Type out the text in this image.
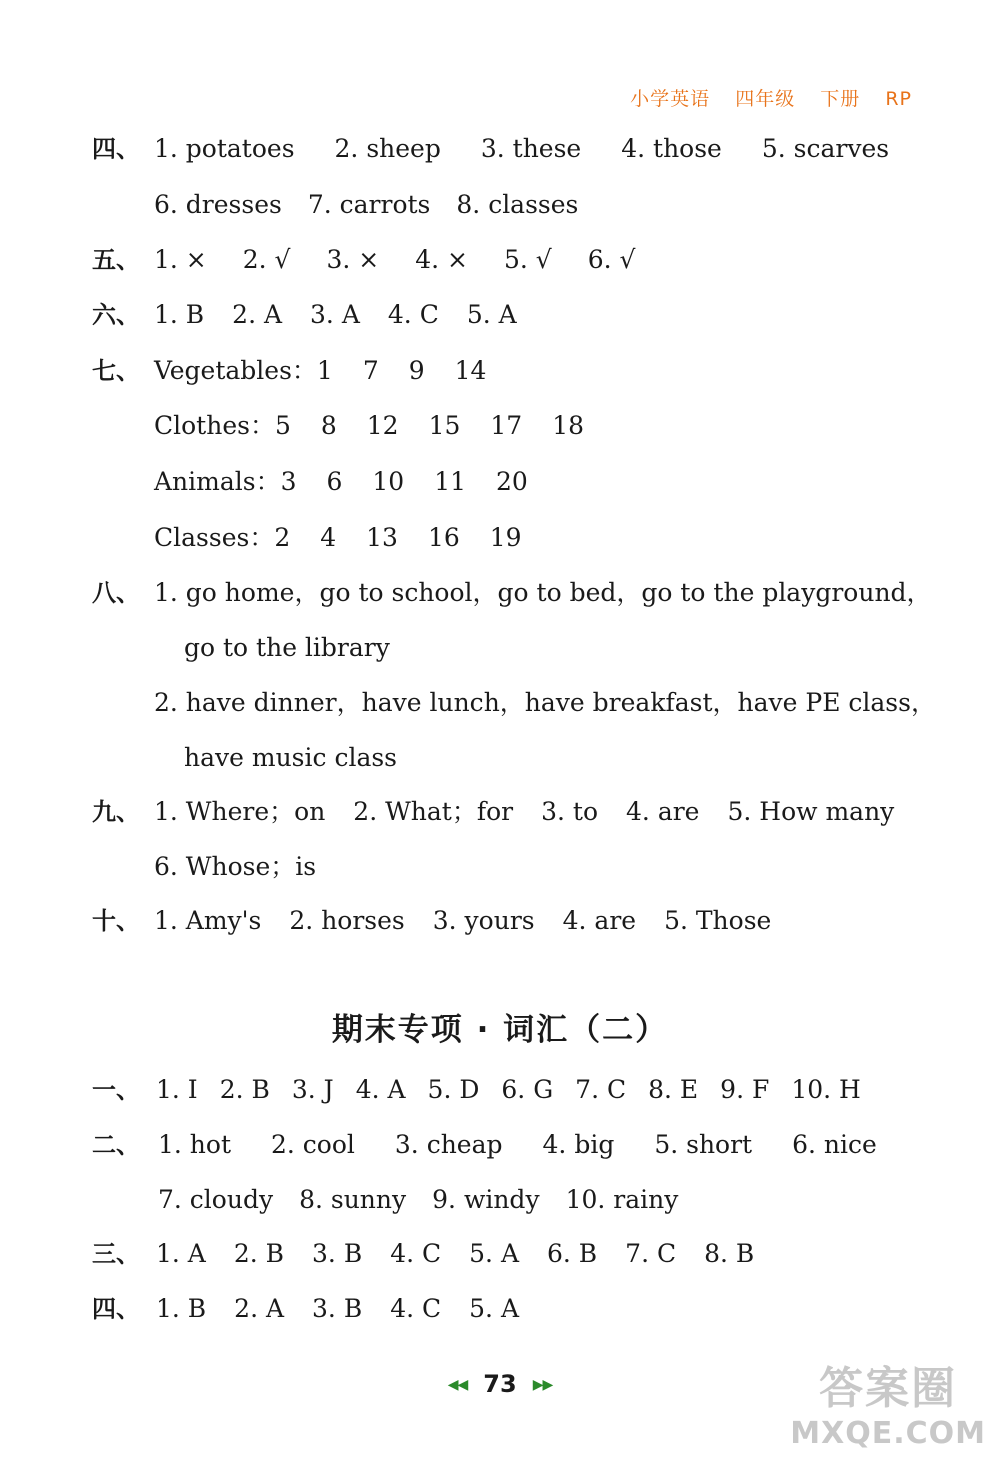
小学英语 四年级 下册 RP
四、 1. potatoes 2. sheep 3. these 4. those 5. scarves
6. dresses 7. carrots 8. classes
五、 1. × 2. √ 3. × 4. × 5. √ 6. √
六、 1. B 2. A 3. A 4. C 5. A
七、 Vegetables：1 7 9 14
Clothes：5 8 12 15 17 18
Animals：3 6 10 11 20
Classes：2 4 13 16 19
八、 1. go home，go to school，go to bed，go to the playground，
go to the library
2. have dinner，have lunch，have breakfast，have PE class，
have music class
九、 1. Where；on 2. What；for 3. to 4. are 5. How many
6. Whose；is
十、 1. Amy's 2. horses 3. yours 4. are 5. Those
期末专项 · 词汇（二）
一、 1. I 2. B 3. J 4. A 5. D 6. G 7. C 8. E 9. F 10. H
二、 1. hot 2. cool 3. cheap 4. big 5. short 6. nice
7. cloudy 8. sunny 9. windy 10. rainy
三、 1. A 2. B 3. B 4. C 5. A 6. B 7. C 8. B
四、 1. B 2. A 3. B 4. C 5. A
◀◀ 73 ▶▶	答案圈
MXQE.COM
